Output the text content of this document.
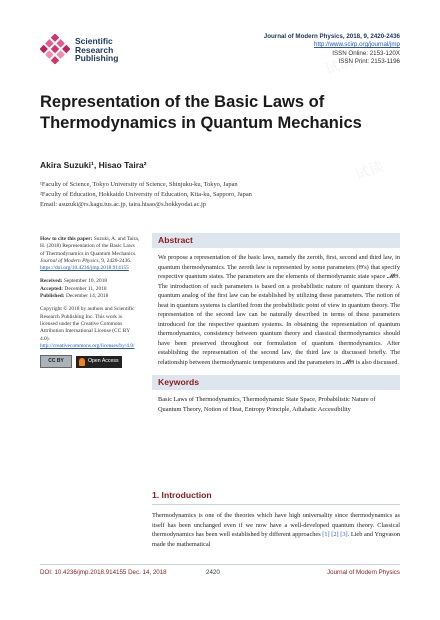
试读
试读
试读
Scientific
Research
Publishing
Journal of Modern Physics, 2018, 9, 2420-2436
http://www.scirp.org/journal/jmp
ISSN Online: 2153-120X
ISSN Print: 2153-1196
Representation of the Basic Laws of Thermodynamics in Quantum Mechanics
Akira Suzuki¹, Hisao Taira²
¹Faculty of Science, Tokyo University of Science, Shinjuku-ku, Tokyo, Japan
²Faculty of Education, Hokkaido University of Education, Kita-ku, Sapporo, Japan
Email: asuzuki@rs.kagu.tus.ac.jp, taira.hisao@s.hokkyodai.ac.jp
How to cite this paper: Suzuki, A. and Taira, H. (2018) Representation of the Basic Laws of Thermodynamics in Quantum Mechanics. Journal of Modern Physics, 9, 2420-2436.
https://doi.org/10.4236/jmp.2018.914155
Received: September 10, 2018
Accepted: December 11, 2018
Published: December 14, 2018
Copyright © 2018 by authors and Scientific Research Publishing Inc. This work is licensed under the Creative Commons Attribution International License (CC BY 4.0).
http://creativecommons.org/licenses/by/4.0/
CC BY	Open Access
Abstract
We propose a representation of the basic laws, namely the zeroth, first, second and third law, in quantum thermodynamics. The zeroth law is represented by some parameters (Θ's) that specify respective quantum states. The parameters are the elements of thermodynamic state space 𝓜Θ. The introduction of such parameters is based on a probabilistic nature of quantum theory. A quantum analog of the first law can be established by utilizing these parameters. The notion of heat in quantum systems is clarified from the probabilistic point of view in quantum theory. The representation of the second law can be naturally described in terms of these parameters introduced for the respective quantum systems. In obtaining the representation of quantum thermodynamics, consistency between quantum theory and classical thermodynamics should have been preserved throughout our formulation of quantum thermodynamics. After establishing the representation of the second law, the third law is discussed briefly. The relationship between thermodynamic temperatures and the parameters in 𝓜Θ is also discussed.
Keywords
Basic Laws of Thermodynamics, Thermodynamic State Space, Probabilistic Nature of Quantum Theory, Notion of Heat, Entropy Principle, Adiabatic Accessibility
1. Introduction
Thermodynamics is one of the theories which have high universality since thermodynamics as itself has been unchanged even if we now have a well-developed quantum theory. Classical thermodynamics has been well established by different approaches [1] [2] [3]. Lieb and Yngvason made the mathematical
DOI: 10.4236/jmp.2018.914155 Dec. 14, 2018	2420	Journal of Modern Physics
